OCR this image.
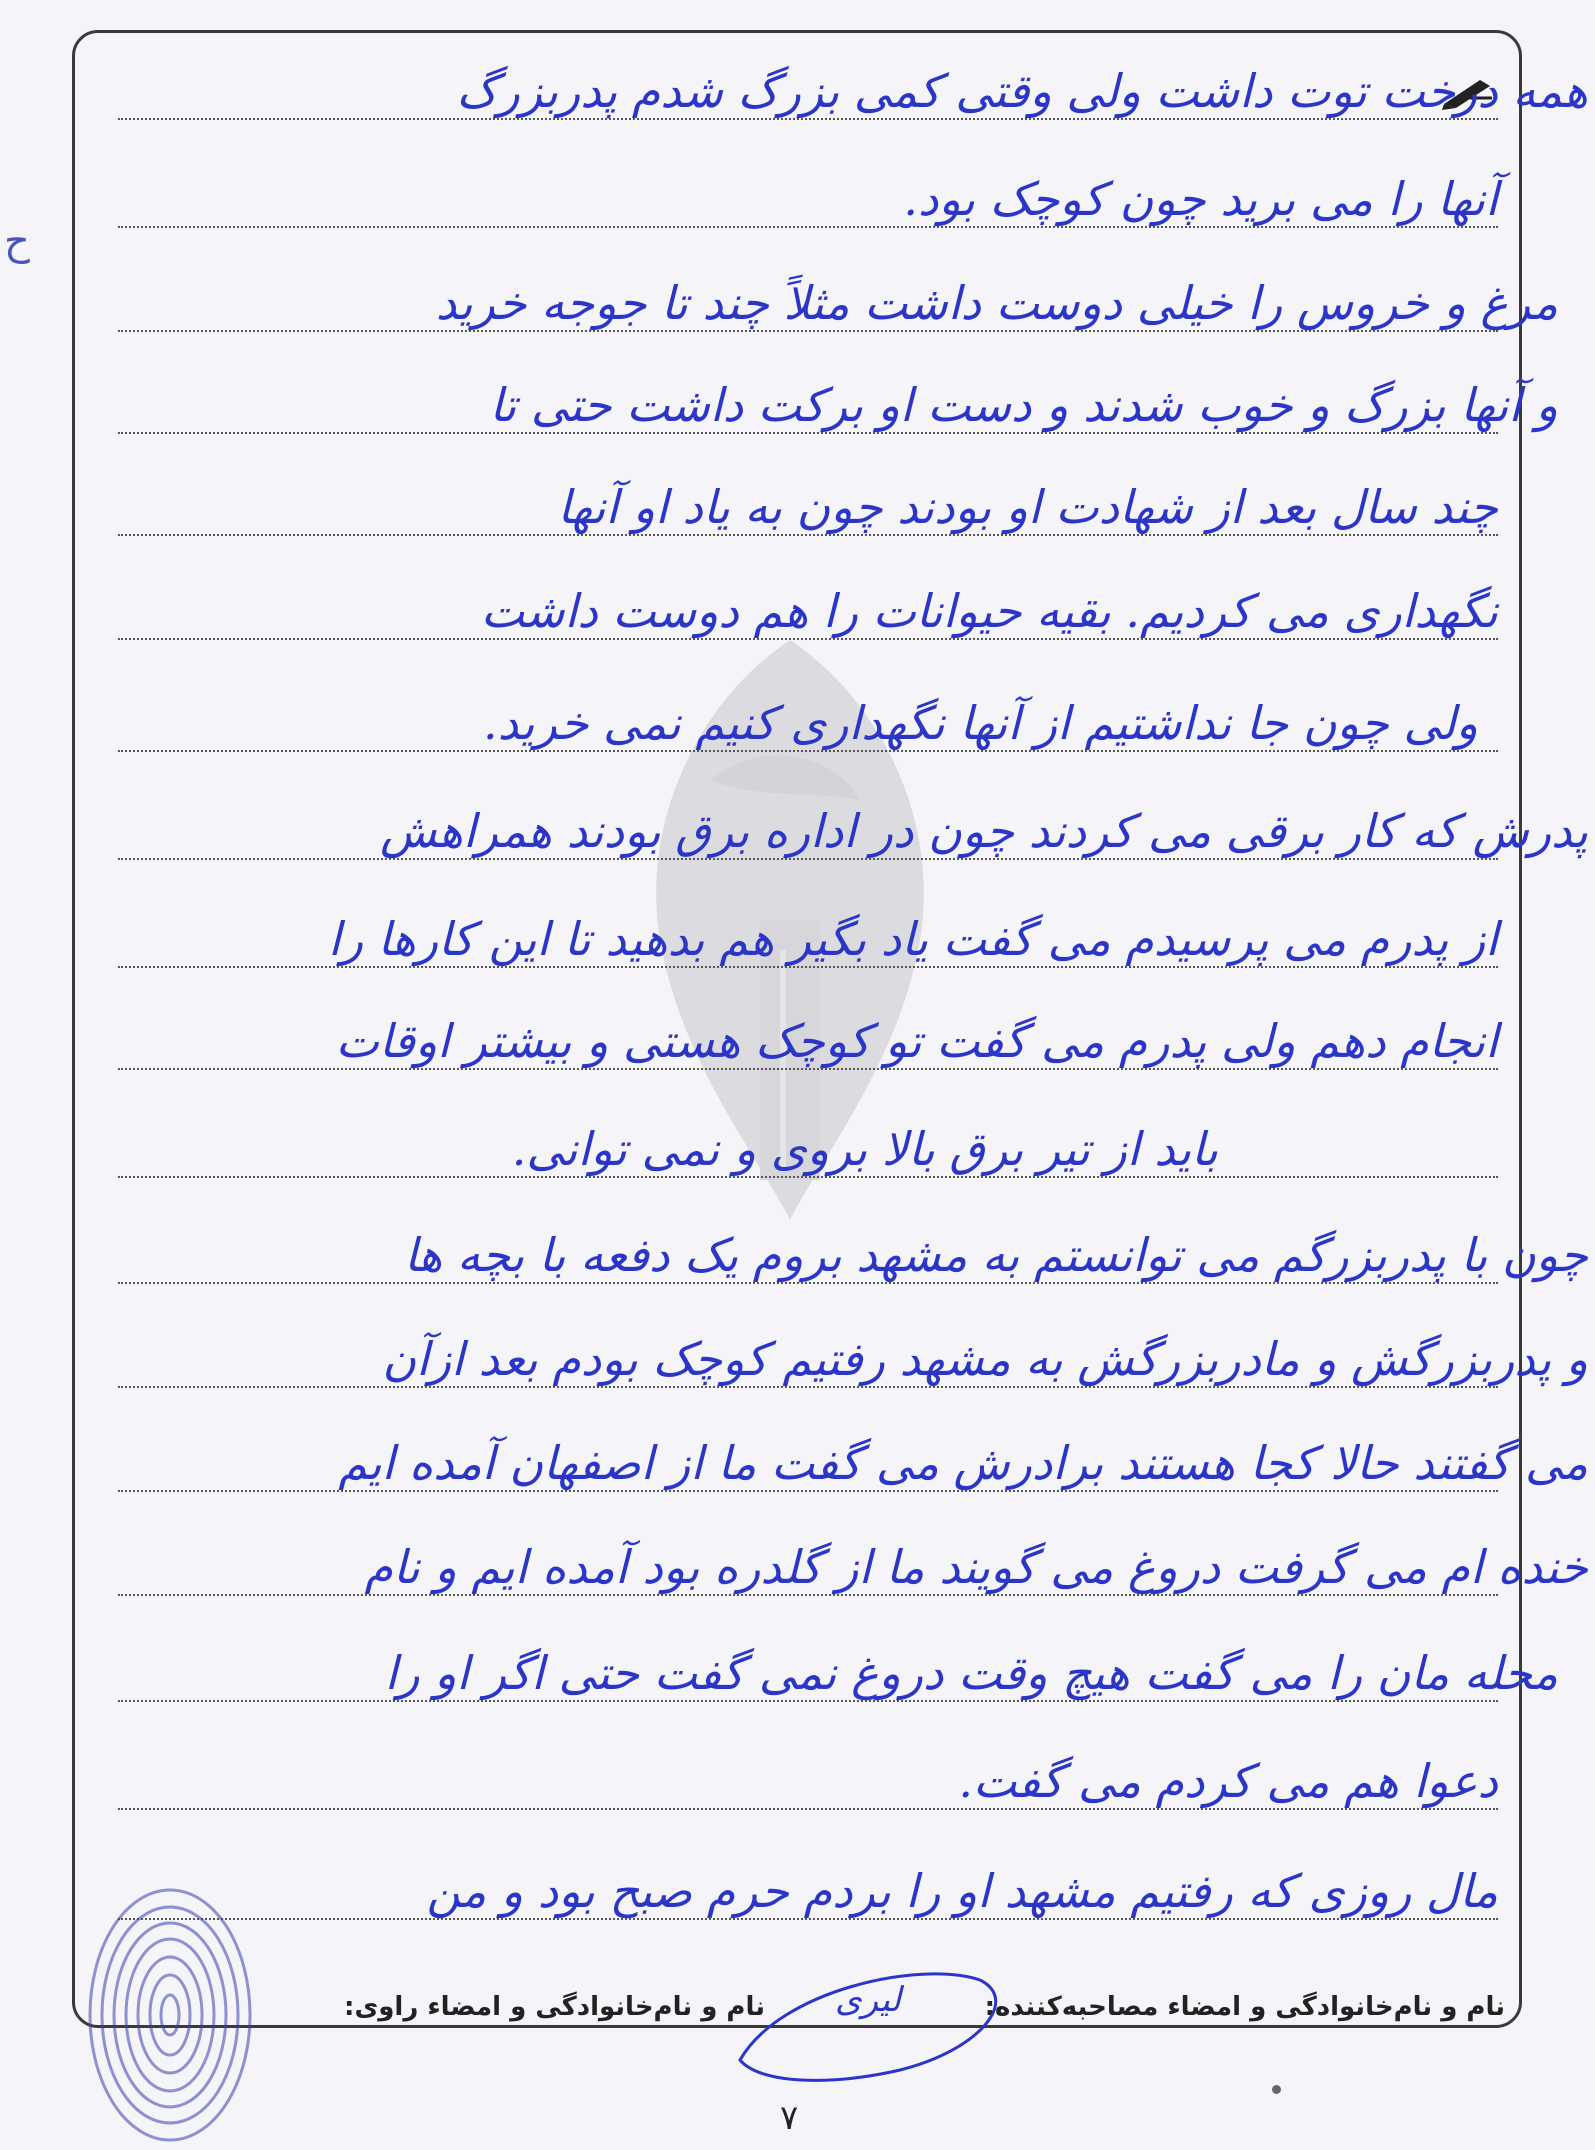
ح
همه درخت توت داشت ولی وقتی کمی بزرگ شدم پدربزرگ
آنها را می برید چون کوچک بود.
مرغ و خروس را خیلی دوست داشت مثلاً چند تا جوجه خرید
و آنها بزرگ و خوب شدند و دست او برکت داشت حتی تا
چند سال بعد از شهادت او بودند چون به یاد او آنها
نگهداری می کردیم. بقیه حیوانات را هم دوست داشت
ولی چون جا نداشتیم از آنها نگهداری کنیم نمی خرید.
پدرش که کار برقی می کردند چون در اداره برق بودند همراهش
از پدرم می پرسیدم می گفت یاد بگیر هم بدهید تا این کارها را
انجام دهم ولی پدرم می گفت تو کوچک هستی و بیشتر اوقات
باید از تیر برق بالا بروی و نمی توانی.
چون با پدربزرگم می توانستم به مشهد بروم یک دفعه با بچه ها
و پدربزرگش و مادربزرگش به مشهد رفتیم کوچک بودم بعد ازآن
می گفتند حالا کجا هستند برادرش می گفت ما از اصفهان آمده ایم
خنده ام می گرفت دروغ می گویند ما از گلدره بود آمده ایم و نام
محله مان را می گفت هیچ وقت دروغ نمی گفت حتی اگر او را
دعوا هم می کردم می گفت.
مال روزی که رفتیم مشهد او را بردم حرم صبح بود و من
نام و نام‌خانوادگی و امضاء مصاحبه‌کننده:
نام و نام‌خانوادگی و امضاء راوی: لیری
۷
